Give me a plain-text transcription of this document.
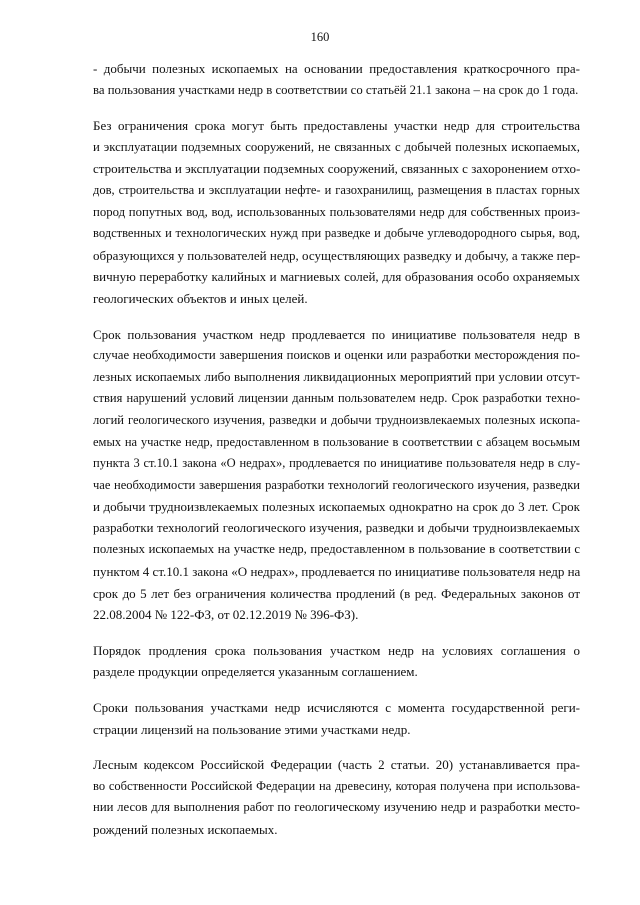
160

- добычи полезных ископаемых на основании предоставления краткосрочного пра-
ва пользования участками недр в соответствии со статьёй 21.1 закона – на срок до 1 года.

Без ограничения срока могут быть предоставлены участки недр для строительства
и эксплуатации подземных сооружений, не связанных с добычей полезных ископаемых,
строительства и эксплуатации подземных сооружений, связанных с захоронением отхо-
дов, строительства и эксплуатации нефте- и газохранилищ, размещения в пластах горных
пород попутных вод, вод, использованных пользователями недр для собственных произ-
водственных и технологических нужд при разведке и добыче углеводородного сырья, вод,
образующихся у пользователей недр, осуществляющих разведку и добычу, а также пер-
вичную переработку калийных и магниевых солей, для образования особо охраняемых
геологических объектов и иных целей.

Срок пользования участком недр продлевается по инициативе пользователя недр в
случае необходимости завершения поисков и оценки или разработки месторождения по-
лезных ископаемых либо выполнения ликвидационных мероприятий при условии отсут-
ствия нарушений условий лицензии данным пользователем недр. Срок разработки техно-
логий геологического изучения, разведки и добычи трудноизвлекаемых полезных ископа-
емых на участке недр, предоставленном в пользование в соответствии с абзацем восьмым
пункта 3 ст.10.1 закона «О недрах», продлевается по инициативе пользователя недр в слу-
чае необходимости завершения разработки технологий геологического изучения, разведки
и добычи трудноизвлекаемых полезных ископаемых однократно на срок до 3 лет. Срок
разработки технологий геологического изучения, разведки и добычи трудноизвлекаемых
полезных ископаемых на участке недр, предоставленном в пользование в соответствии с
пунктом 4 ст.10.1 закона «О недрах», продлевается по инициативе пользователя недр на
срок до 5 лет без ограничения количества продлений (в ред. Федеральных законов от
22.08.2004 № 122-ФЗ, от 02.12.2019 № 396-ФЗ).

Порядок продления срока пользования участком недр на условиях соглашения о
разделе продукции определяется указанным соглашением.

Сроки пользования участками недр исчисляются с момента государственной реги-
страции лицензий на пользование этими участками недр.

Лесным кодексом Российской Федерации (часть 2 статьи. 20) устанавливается пра-
во собственности Российской Федерации на древесину, которая получена при использова-
нии лесов для выполнения работ по геологическому изучению недр и разработки место-
рождений полезных ископаемых.
